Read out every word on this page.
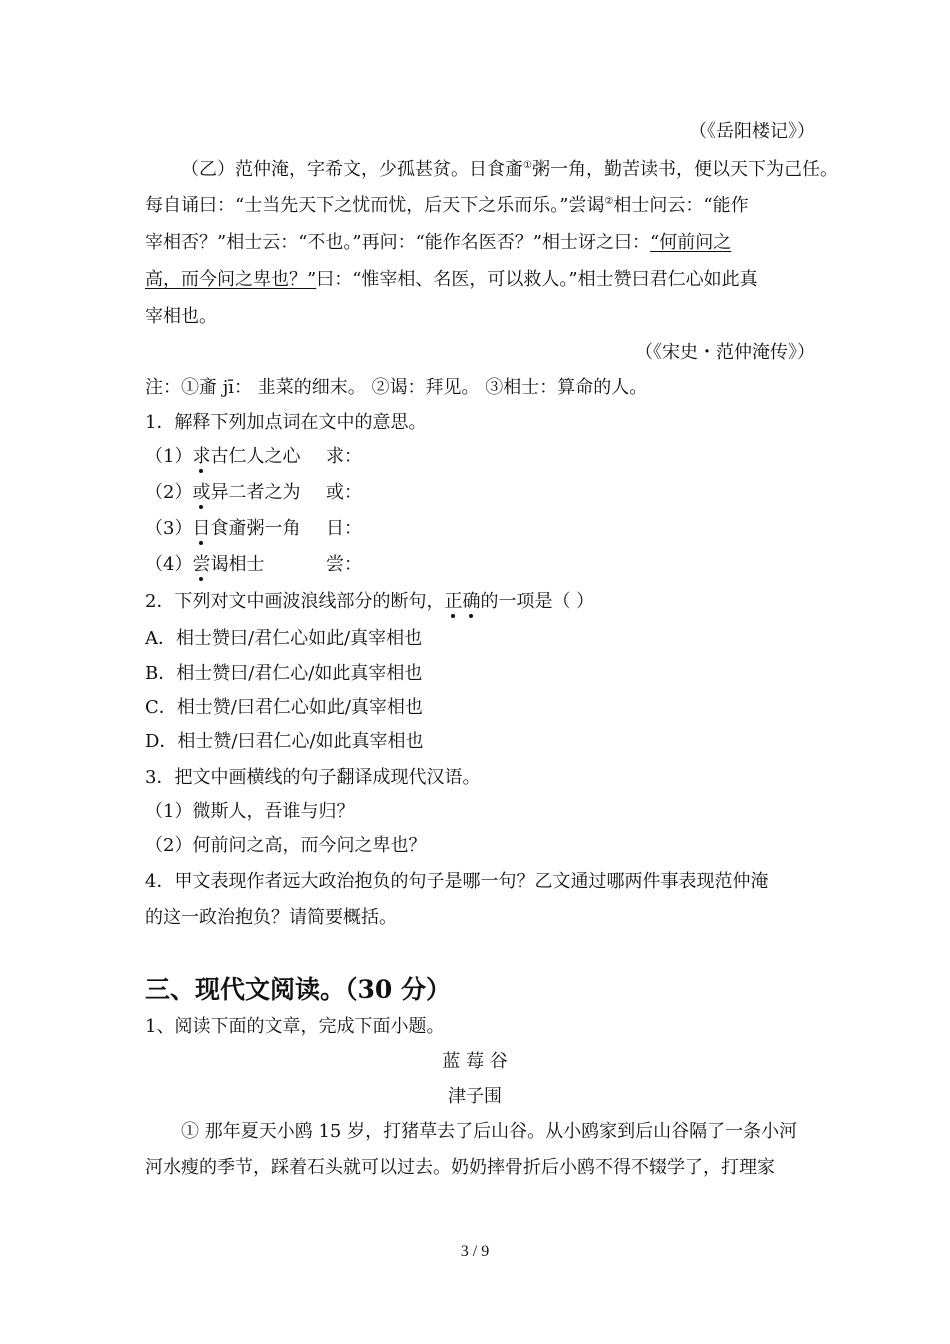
（《岳阳楼记》）
（乙）范仲淹，字希文，少孤甚贫。日食齑①粥一角，勤苦读书，便以天下为己任。
每自诵曰：“士当先天下之忧而忧，后天下之乐而乐。”尝谒②相士问云：“能作
宰相否？”相士云：“不也。”再问：“能作名医否？”相士讶之曰：“何前问之
高，而今问之卑也？”曰：“惟宰相、名医，可以救人。”相士赞曰君仁心如此真
宰相也。
（《宋史・范仲淹传》）
注：①齑 jī： 韭菜的细末。 ②谒：拜见。 ③相士：算命的人。
1．解释下列加点词在文中的意思。
（1）求古仁人之心 求：
（2）或异二者之为 或：
（3）日食齑粥一角 日：
（4）尝谒相士	尝：
2．下列对文中画波浪线部分的断句，正确的一项是（ ）
A．相士赞曰/君仁心如此/真宰相也
B．相士赞曰/君仁心/如此真宰相也
C．相士赞/曰君仁心如此/真宰相也
D．相士赞/曰君仁心/如此真宰相也
3．把文中画横线的句子翻译成现代汉语。
（1）微斯人，吾谁与归？
（2）何前问之高，而今问之卑也？
4．甲文表现作者远大政治抱负的句子是哪一句？乙文通过哪两件事表现范仲淹
的这一政治抱负？请简要概括。
三、现代文阅读。（30 分）
1、阅读下面的文章，完成下面小题。
蓝 莓 谷
津子围
① 那年夏天小鸥 15 岁，打猪草去了后山谷。从小鸥家到后山谷隔了一条小河
河水瘦的季节，踩着石头就可以过去。奶奶摔骨折后小鸥不得不辍学了，打理家
3 / 9
